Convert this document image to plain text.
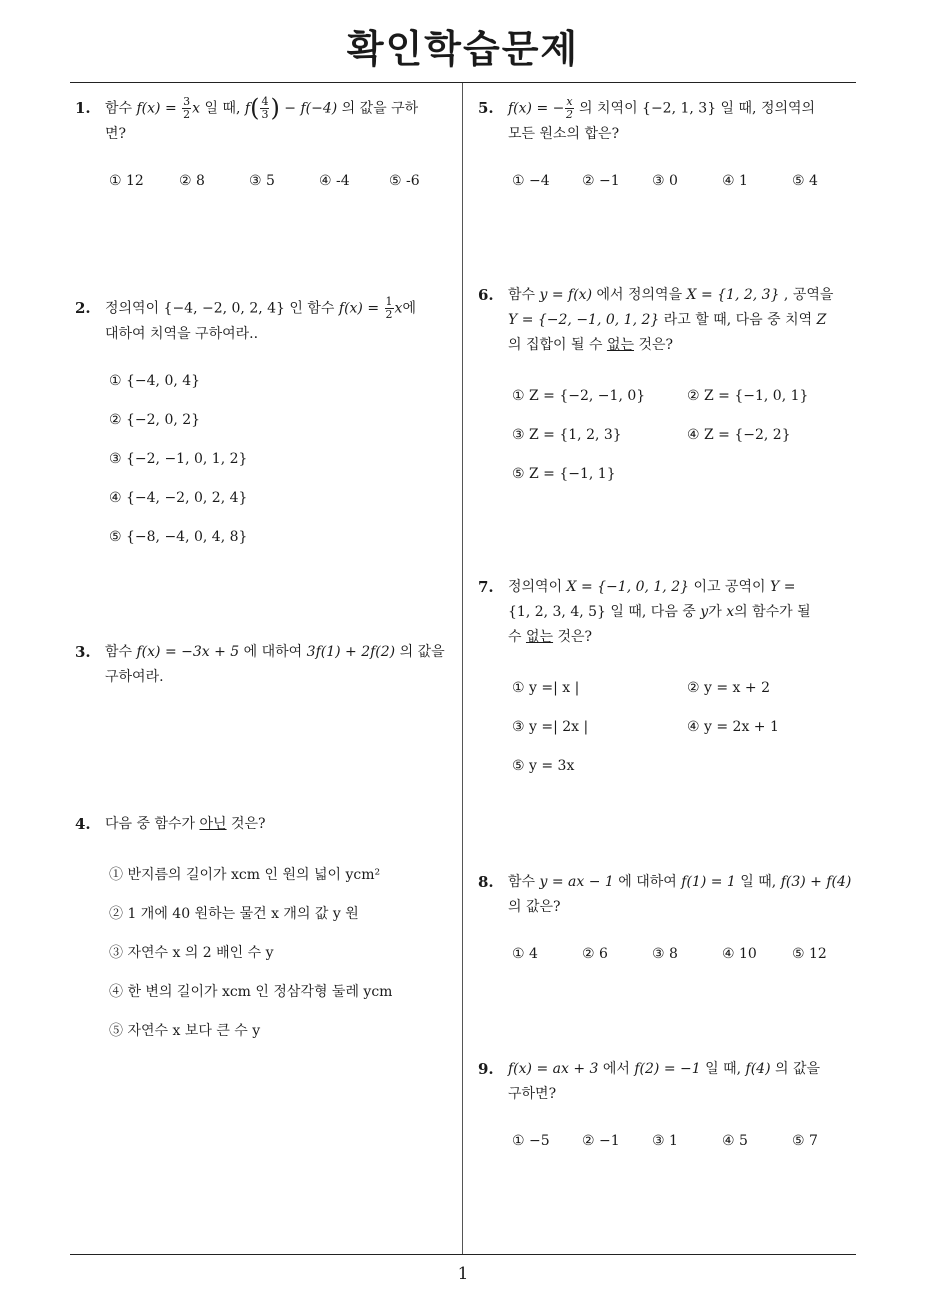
확인학습문제
1
1. 함수 $f(x) = \frac{3}{2}$ x 일 때, $f( \frac{4}{3}$ ) − f(−4) 의 값을 구하
면?
① 12	② 8	③ 5	④ -4	⑤ -6
2. 정의역이 {−4, −2, 0, 2, 4} 인 함수 $f(x) = \frac{1}{2}$ x에
대하여 치역을 구하여라..
① {−4, 0, 4}
② {−2, 0, 2}
③ {−2, −1, 0, 1, 2}
④ {−4, −2, 0, 2, 4}
⑤ {−8, −4, 0, 4, 8}
3. 함수 f(x) = −3x + 5 에 대하여 3f(1) + 2f(2) 의 값을
구하여라.
4. 다음 중 함수가 아닌 것은?
① 반지름의 길이가 xcm 인 원의 넓이 ycm²
② 1 개에 40 원하는 물건 x 개의 값 y 원
③ 자연수 x 의 2 배인 수 y
④ 한 변의 길이가 xcm 인 정삼각형 둘레 ycm
⑤ 자연수 x 보다 큰 수 y
5. f(x) = − $\frac{x}{2}$ 의 치역이 {−2, 1, 3} 일 때, 정의역의
모든 원소의 합은?
① −4 ② −1 ③ 0	④ 1	⑤ 4
6. 함수 y = f(x) 에서 정의역을 X = {1, 2, 3} , 공역을
Y = {−2, −1, 0, 1, 2} 라고 할 때, 다음 중 치역 Z
의 집합이 될 수 없는 것은?
① Z = {−2, −1, 0}	② Z = {−1, 0, 1}
③ Z = {1, 2, 3}	④ Z = {−2, 2}
⑤ Z = {−1, 1}
7. 정의역이 X = {−1, 0, 1, 2} 이고 공역이 Y =
{1, 2, 3, 4, 5} 일 때, 다음 중 y가 x의 함수가 될
수 없는 것은?
① y =| x |	② y = x + 2
③ y =| 2x |	④ y = 2x + 1
⑤ y = 3x
8. 함수 y = ax − 1 에 대하여 f(1) = 1 일 때, f(3) + f(4)
의 값은?
① 4	② 6	③ 8	④ 10	⑤ 12
9. f(x) = ax + 3 에서 f(2) = −1 일 때, f(4) 의 값을
구하면?
① −5 ② −1 ③ 1	④ 5	⑤ 7
